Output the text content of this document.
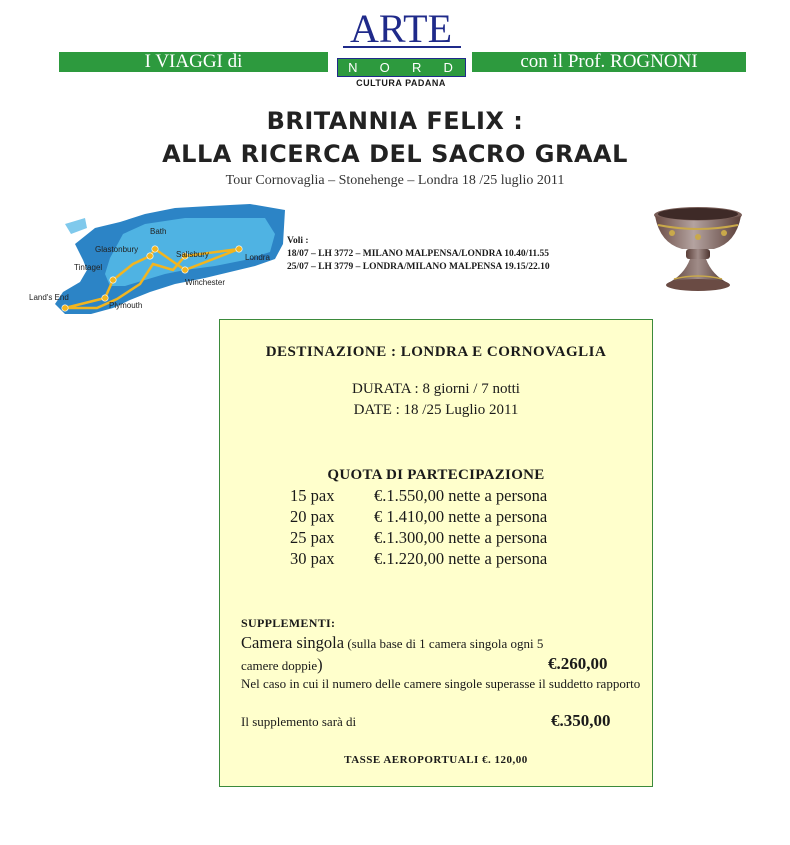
I VIAGGI di	con il Prof. ROGNONI
ARTE
N O R D
CULTURA PADANA
BRITANNIA FELIX :
ALLA RICERCA DEL SACRO GRAAL
Tour Cornovaglia – Stonehenge – Londra 18 /25 luglio 2011
Bath
Glastonbury
Salisbury	Londra
Tintagel
Winchester
Land's End
Plymouth
Voli :
18/07 – LH 3772 – MILANO MALPENSA/LONDRA 10.40/11.55
25/07 – LH 3779 – LONDRA/MILANO MALPENSA 19.15/22.10
DESTINAZIONE : LONDRA E CORNOVAGLIA
DURATA : 8 giorni / 7 notti
DATE : 18 /25 Luglio 2011
QUOTA DI PARTECIPAZIONE
15 pax	€.1.550,00 nette a persona
20 pax	€ 1.410,00 nette a persona
25 pax	€.1.300,00 nette a persona
30 pax	€.1.220,00 nette a persona
SUPPLEMENTI:
Camera singola (sulla base di 1 camera singola ogni 5
camere doppie)	€.260,00
Nel caso in cui il numero delle camere singole superasse il suddetto rapporto
Il supplemento sarà di	€.350,00
TASSE AEROPORTUALI €. 120,00
